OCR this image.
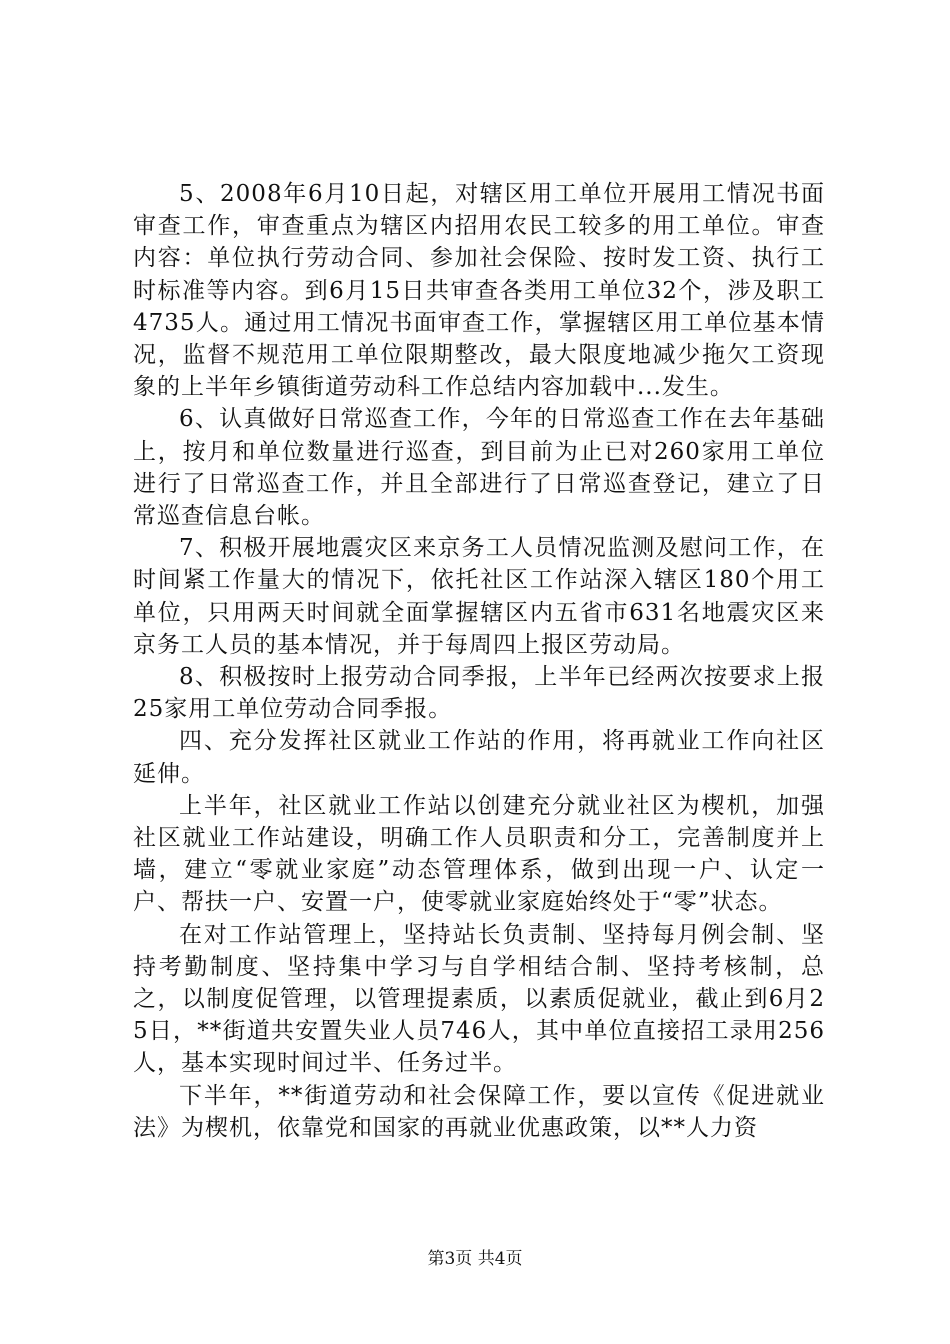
5、2008年6月10日起，对辖区用工单位开展用工情况书面审查工作，审查重点为辖区内招用农民工较多的用工单位。审查内容：单位执行劳动合同、参加社会保险、按时发工资、执行工时标准等内容。到6月15日共审查各类用工单位32个，涉及职工4735人。通过用工情况书面审查工作，掌握辖区用工单位基本情况，监督不规范用工单位限期整改，最大限度地减少拖欠工资现象的上半年乡镇街道劳动科工作总结内容加载中...发生。

6、认真做好日常巡查工作，今年的日常巡查工作在去年基础上，按月和单位数量进行巡查，到目前为止已对260家用工单位进行了日常巡查工作，并且全部进行了日常巡查登记，建立了日常巡查信息台帐。

7、积极开展地震灾区来京务工人员情况监测及慰问工作，在时间紧工作量大的情况下，依托社区工作站深入辖区180个用工单位，只用两天时间就全面掌握辖区内五省市631名地震灾区来京务工人员的基本情况，并于每周四上报区劳动局。

8、积极按时上报劳动合同季报，上半年已经两次按要求上报25家用工单位劳动合同季报。

四、充分发挥社区就业工作站的作用，将再就业工作向社区延伸。

上半年，社区就业工作站以创建充分就业社区为楔机，加强社区就业工作站建设，明确工作人员职责和分工，完善制度并上墙，建立“零就业家庭”动态管理体系，做到出现一户、认定一户、帮扶一户、安置一户，使零就业家庭始终处于“零”状态。

在对工作站管理上，坚持站长负责制、坚持每月例会制、坚持考勤制度、坚持集中学习与自学相结合制、坚持考核制，总之，以制度促管理，以管理提素质，以素质促就业，截止到6月25日，**街道共安置失业人员746人，其中单位直接招工录用256人，基本实现时间过半、任务过半。

下半年，**街道劳动和社会保障工作，要以宣传《促进就业法》为楔机，依靠党和国家的再就业优惠政策，以**人力资

第3页 共4页
